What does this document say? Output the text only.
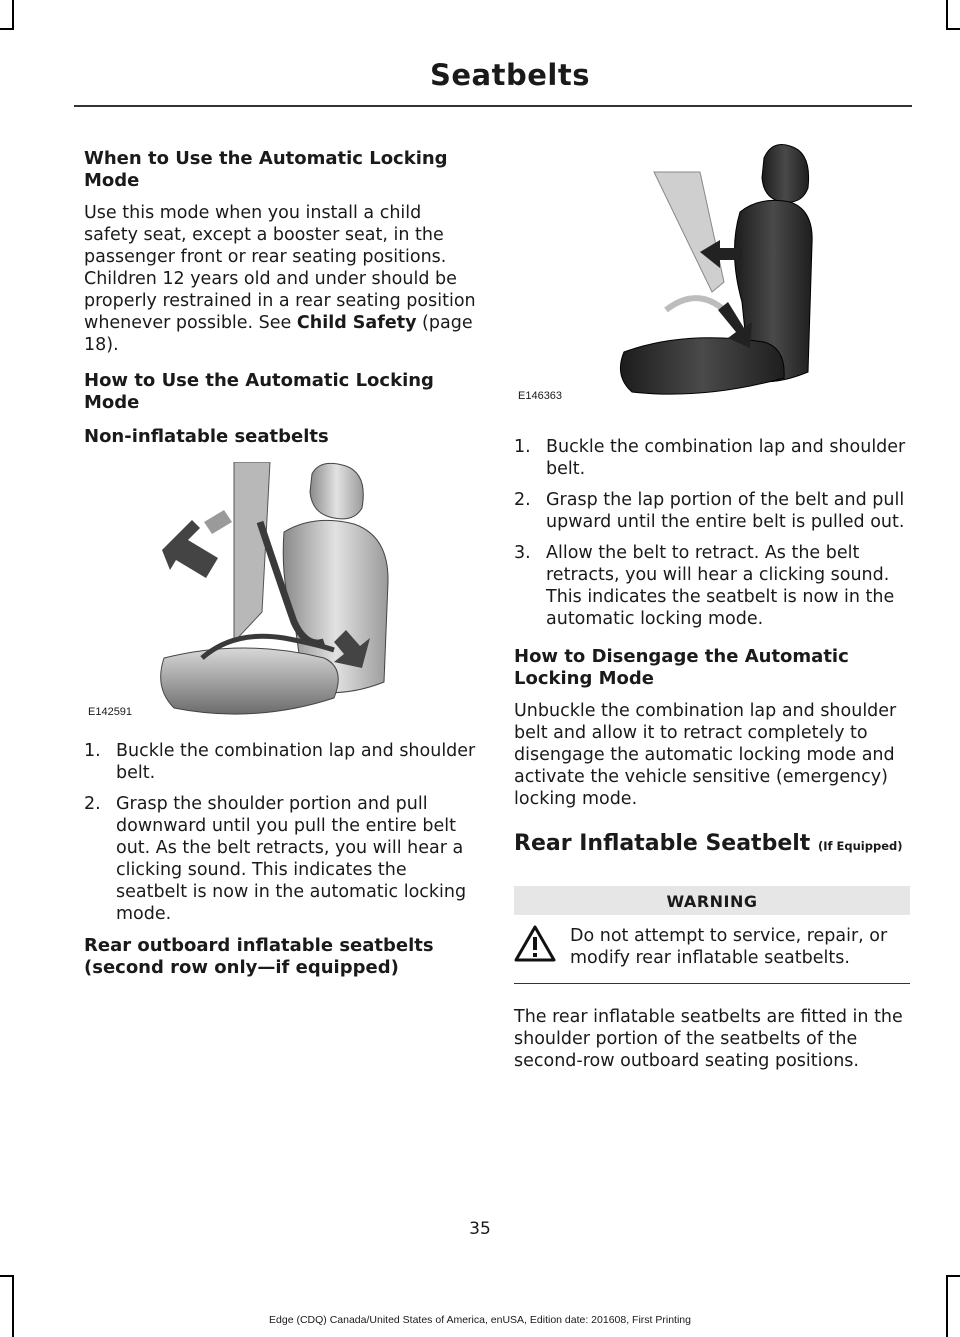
Seatbelts
When to Use the Automatic Locking Mode

Use this mode when you install a child safety seat, except a booster seat, in the passenger front or rear seating positions. Children 12 years old and under should be properly restrained in a rear seating position whenever possible. See Child Safety (page 18).

How to Use the Automatic Locking Mode
Non-inflatable seatbelts
E142591
1. Buckle the combination lap and shoulder belt.
2. Grasp the shoulder portion and pull downward until you pull the entire belt out. As the belt retracts, you will hear a clicking sound. This indicates the seatbelt is now in the automatic locking mode.
Rear outboard inflatable seatbelts (second row only—if equipped)
E146363
1. Buckle the combination lap and shoulder belt.
2. Grasp the lap portion of the belt and pull upward until the entire belt is pulled out.
3. Allow the belt to retract. As the belt retracts, you will hear a clicking sound. This indicates the seatbelt is now in the automatic locking mode.
How to Disengage the Automatic Locking Mode

Unbuckle the combination lap and shoulder belt and allow it to retract completely to disengage the automatic locking mode and activate the vehicle sensitive (emergency) locking mode.

Rear Inflatable Seatbelt (If Equipped)
WARNING

Do not attempt to service, repair, or modify rear inflatable seatbelts.

The rear inflatable seatbelts are fitted in the shoulder portion of the seatbelts of the second-row outboard seating positions.

35
Edge (CDQ) Canada/United States of America, enUSA, Edition date: 201608, First Printing
